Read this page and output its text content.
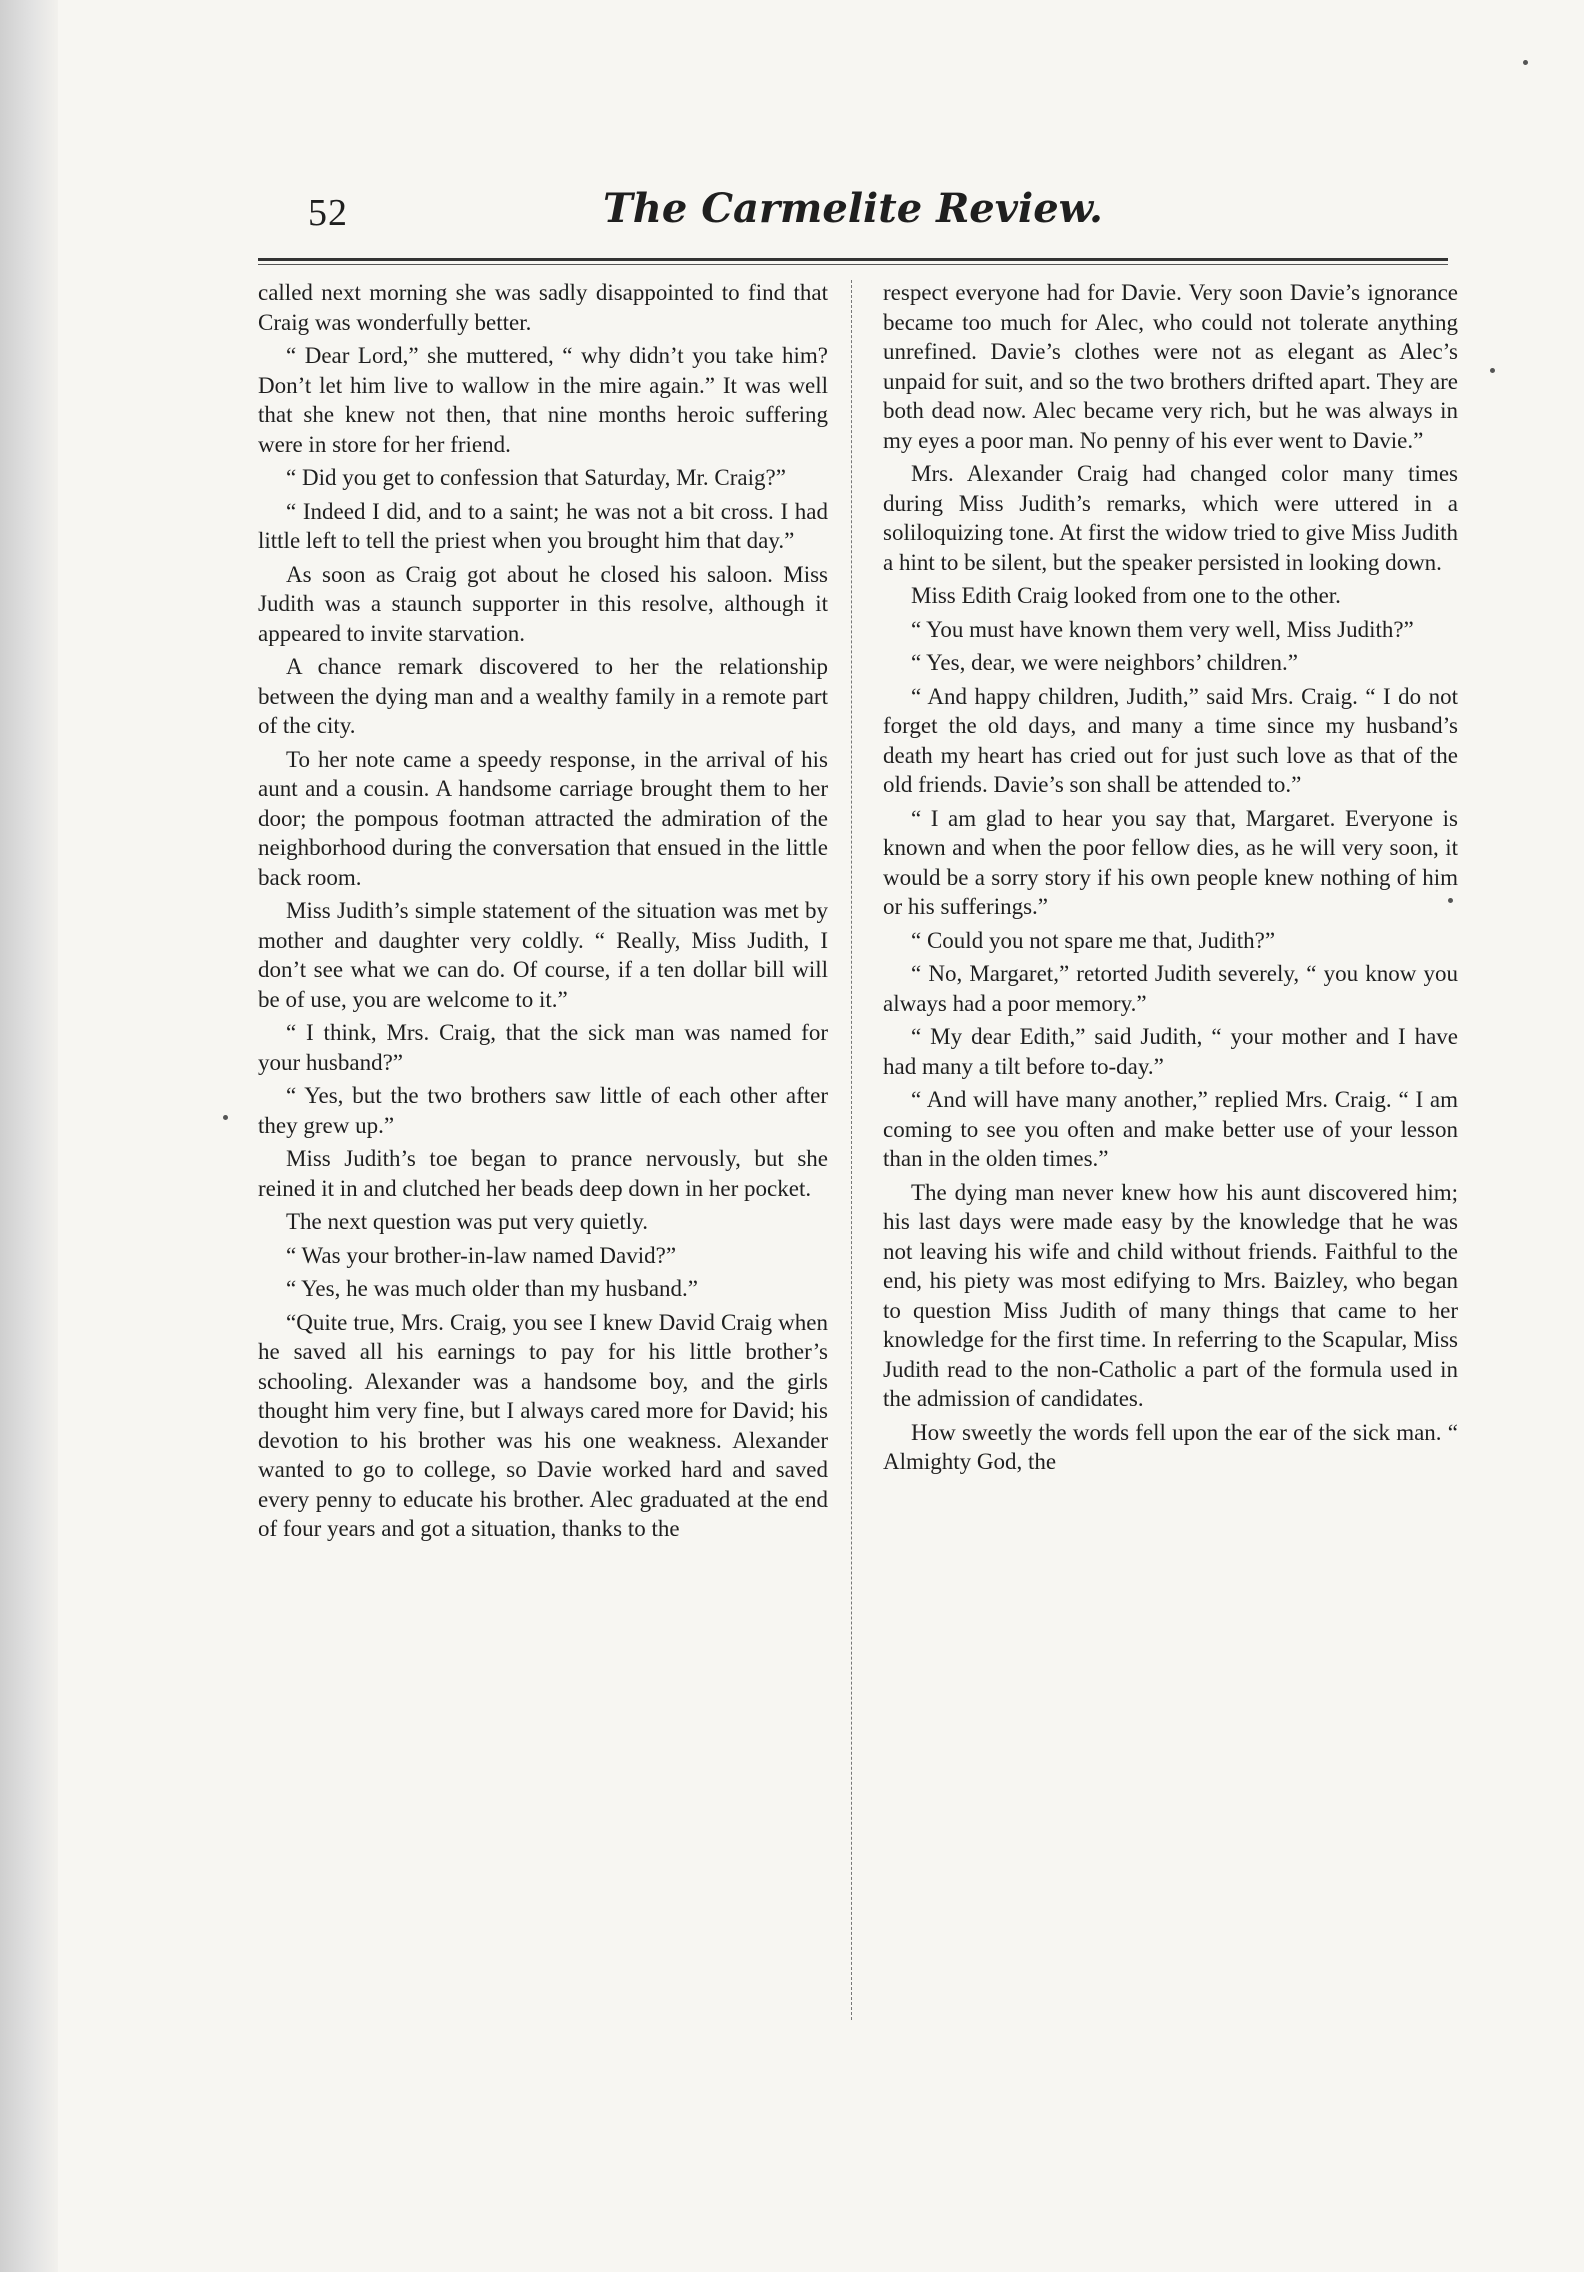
52	The Carmelite Review.

called next morning she was sadly disappointed to find that Craig was wonderfully better.

“ Dear Lord,” she muttered, “ why didn’t you take him? Don’t let him live to wallow in the mire again.” It was well that she knew not then, that nine months heroic suffering were in store for her friend.

“ Did you get to confession that Saturday, Mr. Craig?”

“ Indeed I did, and to a saint; he was not a bit cross. I had little left to tell the priest when you brought him that day.”

As soon as Craig got about he closed his saloon. Miss Judith was a staunch supporter in this resolve, although it appeared to invite starvation.

A chance remark discovered to her the relationship between the dying man and a wealthy family in a remote part of the city.

To her note came a speedy response, in the arrival of his aunt and a cousin. A handsome carriage brought them to her door; the pompous footman attracted the admiration of the neighborhood during the conversation that ensued in the little back room.

Miss Judith’s simple statement of the situation was met by mother and daughter very coldly. “ Really, Miss Judith, I don’t see what we can do. Of course, if a ten dollar bill will be of use, you are welcome to it.”

“ I think, Mrs. Craig, that the sick man was named for your husband?”

“ Yes, but the two brothers saw little of each other after they grew up.”

Miss Judith’s toe began to prance nervously, but she reined it in and clutched her beads deep down in her pocket.

The next question was put very quietly.

“ Was your brother-in-law named David?”

“ Yes, he was much older than my husband.”

“Quite true, Mrs. Craig, you see I knew David Craig when he saved all his earnings to pay for his little brother’s schooling. Alexander was a handsome boy, and the girls thought him very fine, but I always cared more for David; his devotion to his brother was his one weakness. Alexander wanted to go to college, so Davie worked hard and saved every penny to educate his brother. Alec graduated at the end of four years and got a situation, thanks to the

respect everyone had for Davie. Very soon Davie’s ignorance became too much for Alec, who could not tolerate anything unrefined. Davie’s clothes were not as elegant as Alec’s unpaid for suit, and so the two brothers drifted apart. They are both dead now. Alec became very rich, but he was always in my eyes a poor man. No penny of his ever went to Davie.”

Mrs. Alexander Craig had changed color many times during Miss Judith’s remarks, which were uttered in a soliloquizing tone. At first the widow tried to give Miss Judith a hint to be silent, but the speaker persisted in looking down.

Miss Edith Craig looked from one to the other.

“ You must have known them very well, Miss Judith?”

“ Yes, dear, we were neighbors’ children.”

“ And happy children, Judith,” said Mrs. Craig. “ I do not forget the old days, and many a time since my husband’s death my heart has cried out for just such love as that of the old friends. Davie’s son shall be attended to.”

“ I am glad to hear you say that, Margaret. Everyone is known and when the poor fellow dies, as he will very soon, it would be a sorry story if his own people knew nothing of him or his sufferings.”

“ Could you not spare me that, Judith?”

“ No, Margaret,” retorted Judith severely, “ you know you always had a poor memory.”

“ My dear Edith,” said Judith, “ your mother and I have had many a tilt before to-day.”

“ And will have many another,” replied Mrs. Craig. “ I am coming to see you often and make better use of your lesson than in the olden times.”

The dying man never knew how his aunt discovered him; his last days were made easy by the knowledge that he was not leaving his wife and child without friends. Faithful to the end, his piety was most edifying to Mrs. Baizley, who began to question Miss Judith of many things that came to her knowledge for the first time. In referring to the Scapular, Miss Judith read to the non-Catholic a part of the formula used in the admission of candidates.

How sweetly the words fell upon the ear of the sick man. “ Almighty God, the
